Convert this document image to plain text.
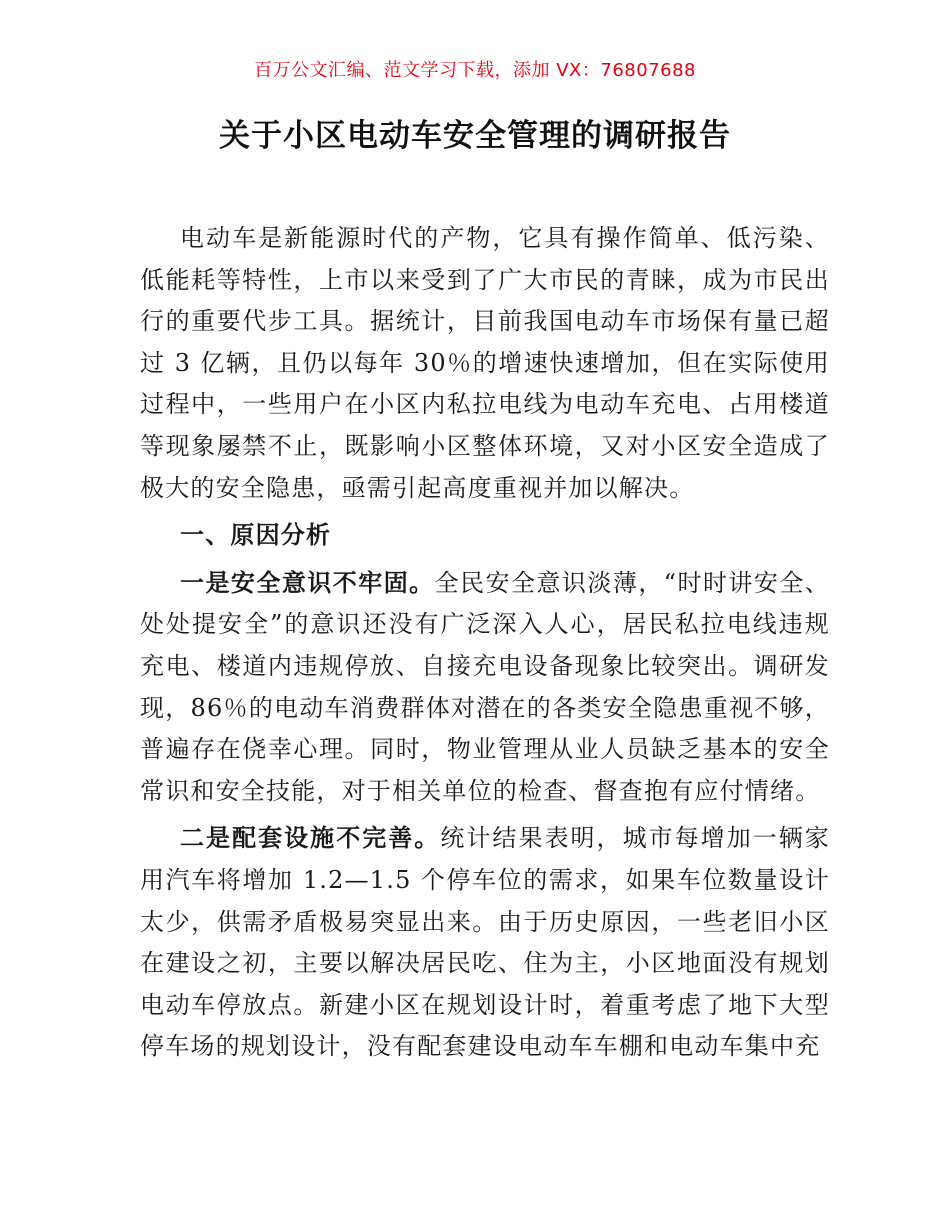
百万公文汇编、范文学习下载，添加 VX：76807688
关于小区电动车安全管理的调研报告

电动车是新能源时代的产物，它具有操作简单、低污染、低能耗等特性，上市以来受到了广大市民的青睐，成为市民出行的重要代步工具。据统计，目前我国电动车市场保有量已超过 3 亿辆，且仍以每年 30％的增速快速增加，但在实际使用过程中，一些用户在小区内私拉电线为电动车充电、占用楼道等现象屡禁不止，既影响小区整体环境，又对小区安全造成了极大的安全隐患，亟需引起高度重视并加以解决。

一、原因分析

一是安全意识不牢固。全民安全意识淡薄，“时时讲安全、处处提安全”的意识还没有广泛深入人心，居民私拉电线违规充电、楼道内违规停放、自接充电设备现象比较突出。调研发现，86％的电动车消费群体对潜在的各类安全隐患重视不够，普遍存在侥幸心理。同时，物业管理从业人员缺乏基本的安全常识和安全技能，对于相关单位的检查、督查抱有应付情绪。

二是配套设施不完善。统计结果表明，城市每增加一辆家用汽车将增加 1.2—1.5 个停车位的需求，如果车位数量设计太少，供需矛盾极易突显出来。由于历史原因，一些老旧小区在建设之初，主要以解决居民吃、住为主，小区地面没有规划电动车停放点。新建小区在规划设计时，着重考虑了地下大型停车场的规划设计，没有配套建设电动车车棚和电动车集中充
